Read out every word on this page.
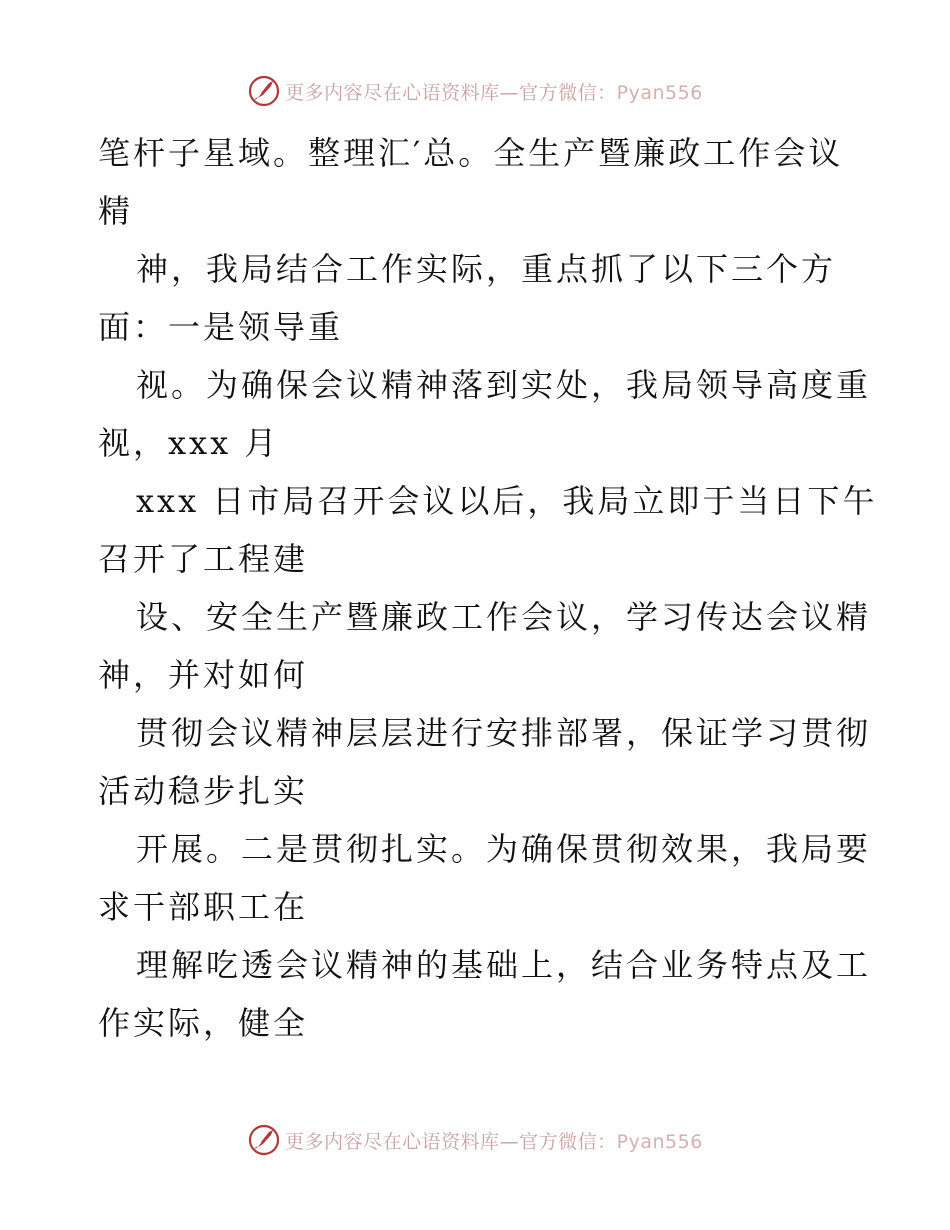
更多内容尽在心语资料库—官方微信：Pyan556
笔杆子星域。整理汇′总。全生产暨廉政工作会议
精
神，我局结合工作实际，重点抓了以下三个方
面：一是领导重
视。为确保会议精神落到实处，我局领导高度重
视，xxx 月
xxx 日市局召开会议以后，我局立即于当日下午
召开了工程建
设、安全生产暨廉政工作会议，学习传达会议精
神，并对如何
贯彻会议精神层层进行安排部署，保证学习贯彻
活动稳步扎实
开展。二是贯彻扎实。为确保贯彻效果，我局要
求干部职工在
理解吃透会议精神的基础上，结合业务特点及工
作实际，健全
更多内容尽在心语资料库—官方微信：Pyan556
